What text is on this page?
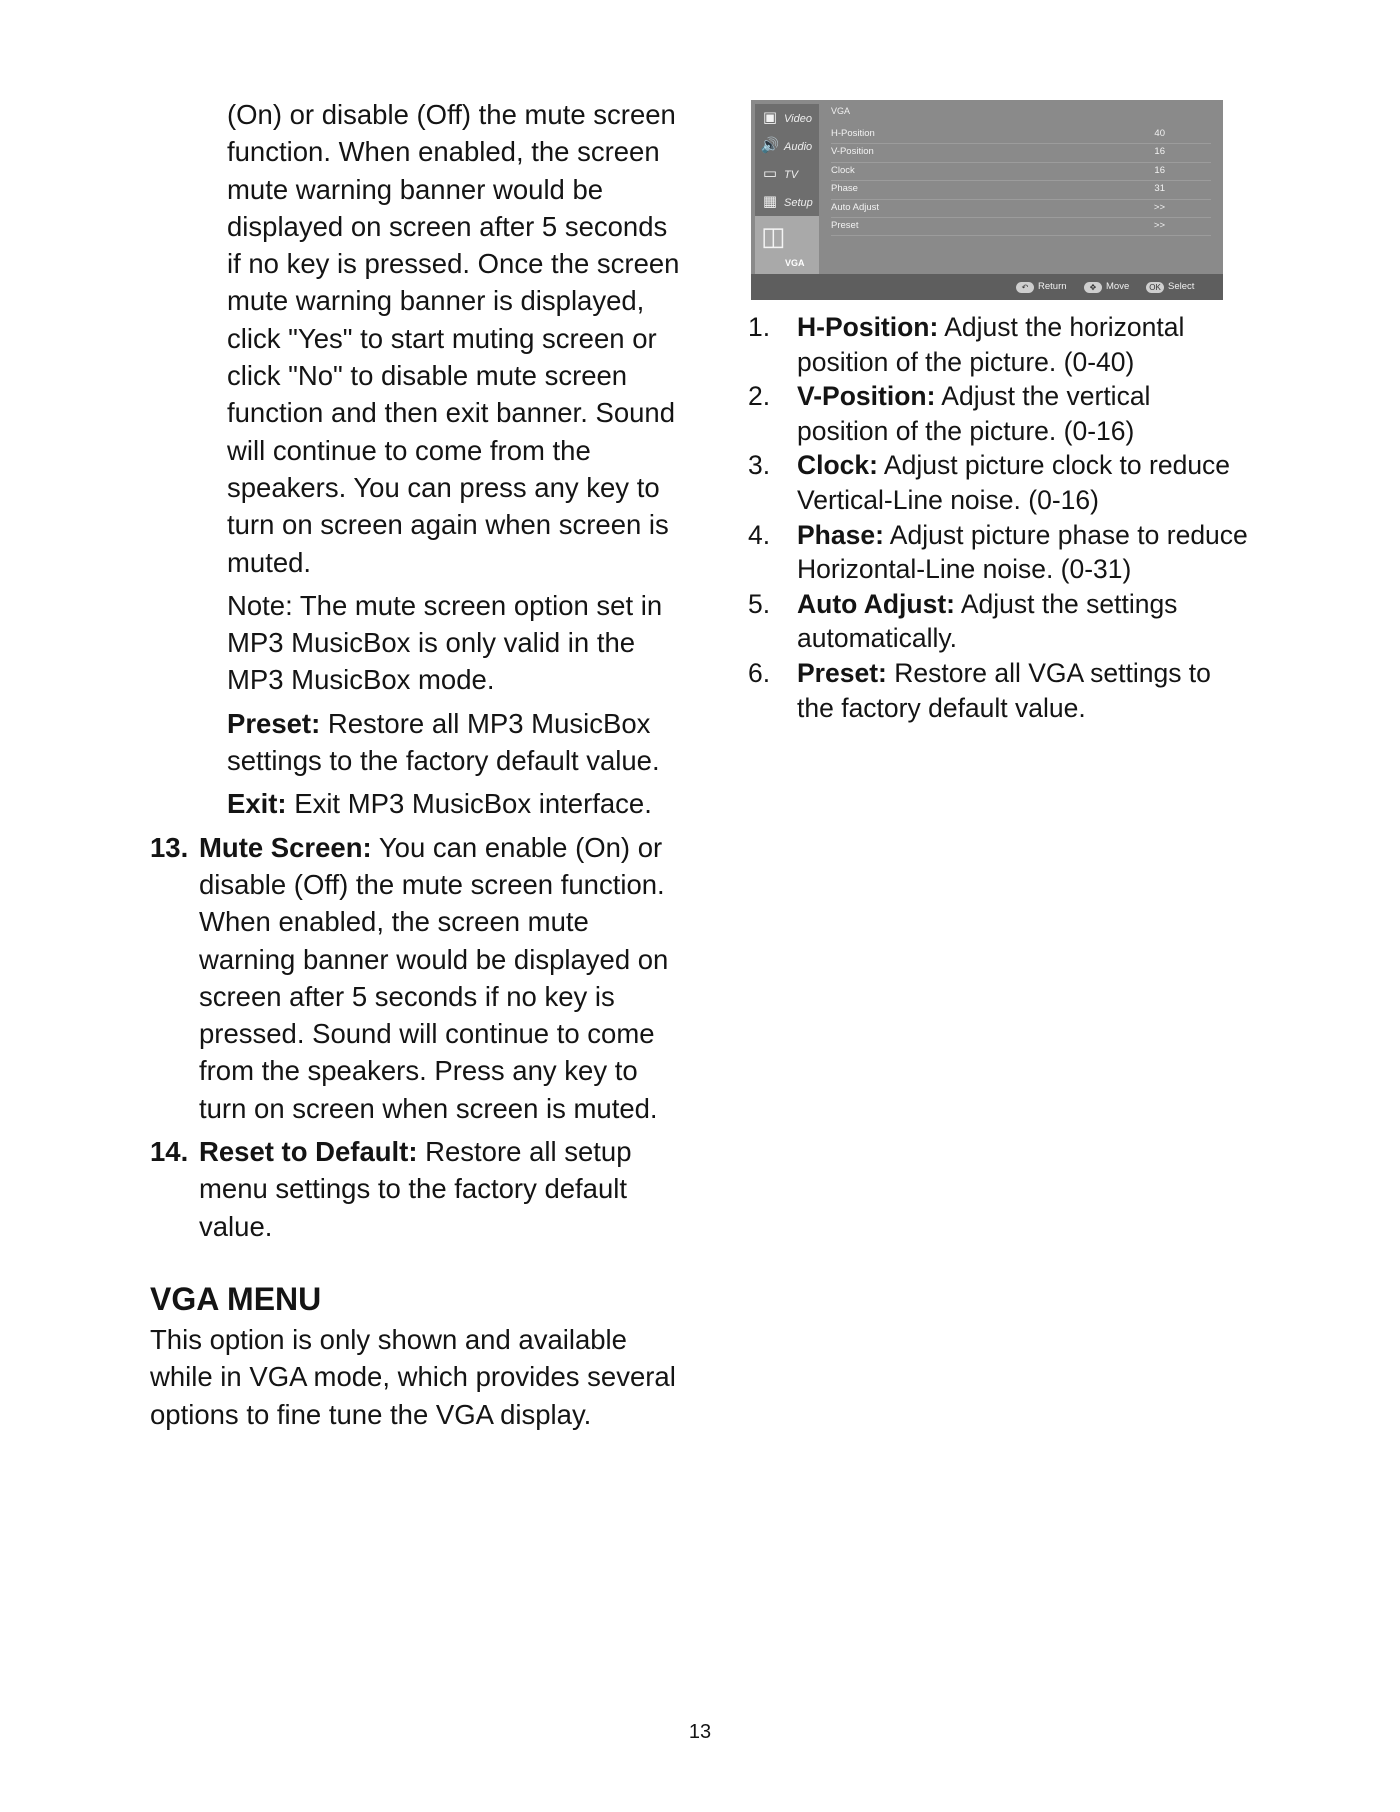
(On) or disable (Off) the mute screen function. When enabled, the screen mute warning banner would be displayed on screen after 5 seconds if no key is pressed. Once the screen mute warning banner is displayed, click "Yes" to start muting screen or click "No" to disable mute screen function and then exit banner. Sound will continue to come from the speakers. You can press any key to turn on screen again when screen is muted.

Note: The mute screen option set in MP3 MusicBox is only valid in the MP3 MusicBox mode.

Preset: Restore all MP3 MusicBox settings to the factory default value.

Exit: Exit MP3 MusicBox interface.

13. Mute Screen: You can enable (On) or disable (Off) the mute screen function. When enabled, the screen mute warning banner would be displayed on screen after 5 seconds if no key is pressed. Sound will continue to come from the speakers. Press any key to turn on screen when screen is muted.
14. Reset to Default: Restore all setup menu settings to the factory default value.
VGA MENU

This option is only shown and available while in VGA mode, which provides several options to fine tune the VGA display.

▣ Video
🔊 Audio
▭ TV
▦ Setup
◫
VGA
VGA
H-Position	40
V-Position	16
Clock	16
Phase	31
Auto Adjust	>>
Preset	>>
↶ Return	✥ Move	OK Select
1. H-Position: Adjust the horizontal position of the picture. (0-40)
2. V-Position: Adjust the vertical position of the picture. (0-16)
3. Clock: Adjust picture clock to reduce Vertical-Line noise. (0-16)
4. Phase: Adjust picture phase to reduce Horizontal-Line noise. (0-31)
5. Auto Adjust: Adjust the settings automatically.
6. Preset: Restore all VGA settings to the factory default value.
13
